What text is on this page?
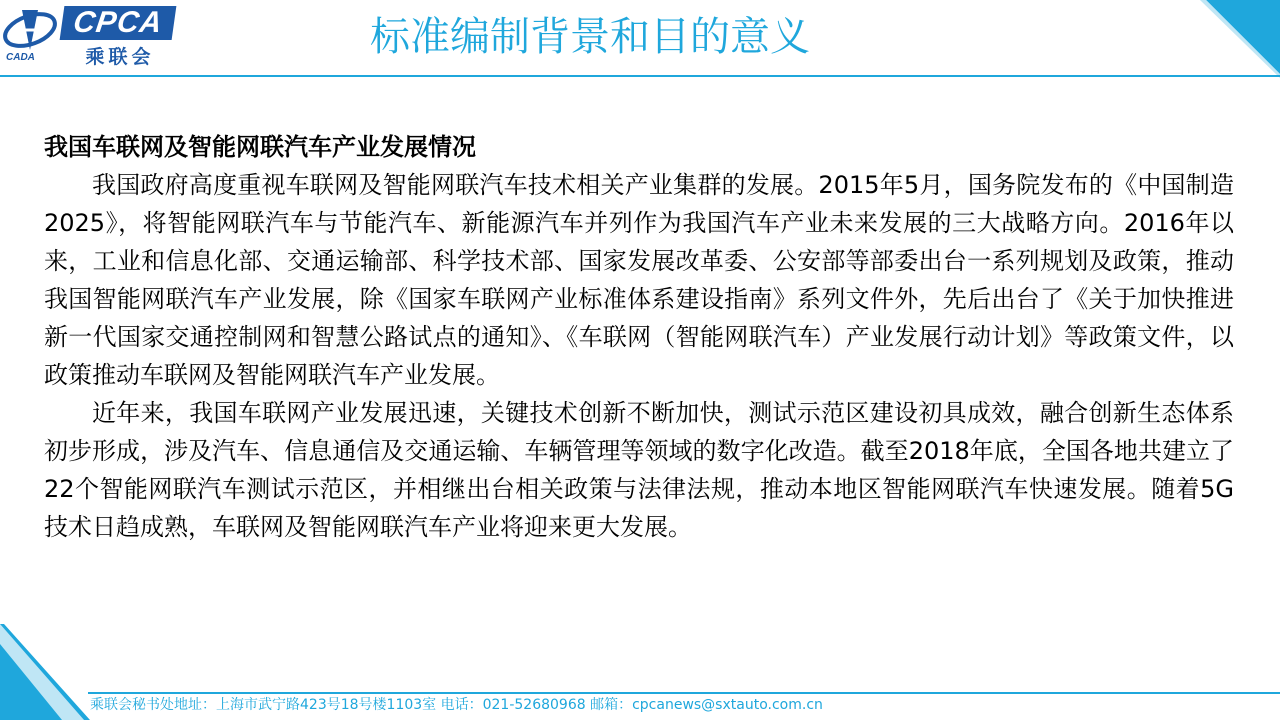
CPCA
乘联会
CADA	标准编制背景和目的意义

我国车联网及智能网联汽车产业发展情况

我国政府高度重视车联网及智能网联汽车技术相关产业集群的发展。2015年5月，国务院发布的《中国制造2025》，将智能网联汽车与节能汽车、新能源汽车并列作为我国汽车产业未来发展的三大战略方向。2016年以来，工业和信息化部、交通运输部、科学技术部、国家发展改革委、公安部等部委出台一系列规划及政策，推动我国智能网联汽车产业发展，除《国家车联网产业标准体系建设指南》系列文件外，先后出台了《关于加快推进新一代国家交通控制网和智慧公路试点的通知》、《车联网（智能网联汽车）产业发展行动计划》等政策文件，以政策推动车联网及智能网联汽车产业发展。

近年来，我国车联网产业发展迅速，关键技术创新不断加快，测试示范区建设初具成效，融合创新生态体系初步形成，涉及汽车、信息通信及交通运输、车辆管理等领域的数字化改造。截至2018年底，全国各地共建立了22个智能网联汽车测试示范区，并相继出台相关政策与法律法规，推动本地区智能网联汽车快速发展。随着5G技术日趋成熟，车联网及智能网联汽车产业将迎来更大发展。

乘联会秘书处地址：上海市武宁路423号18号楼1103室 电话：021-52680968 邮箱：cpcanews@sxtauto.com.cn
